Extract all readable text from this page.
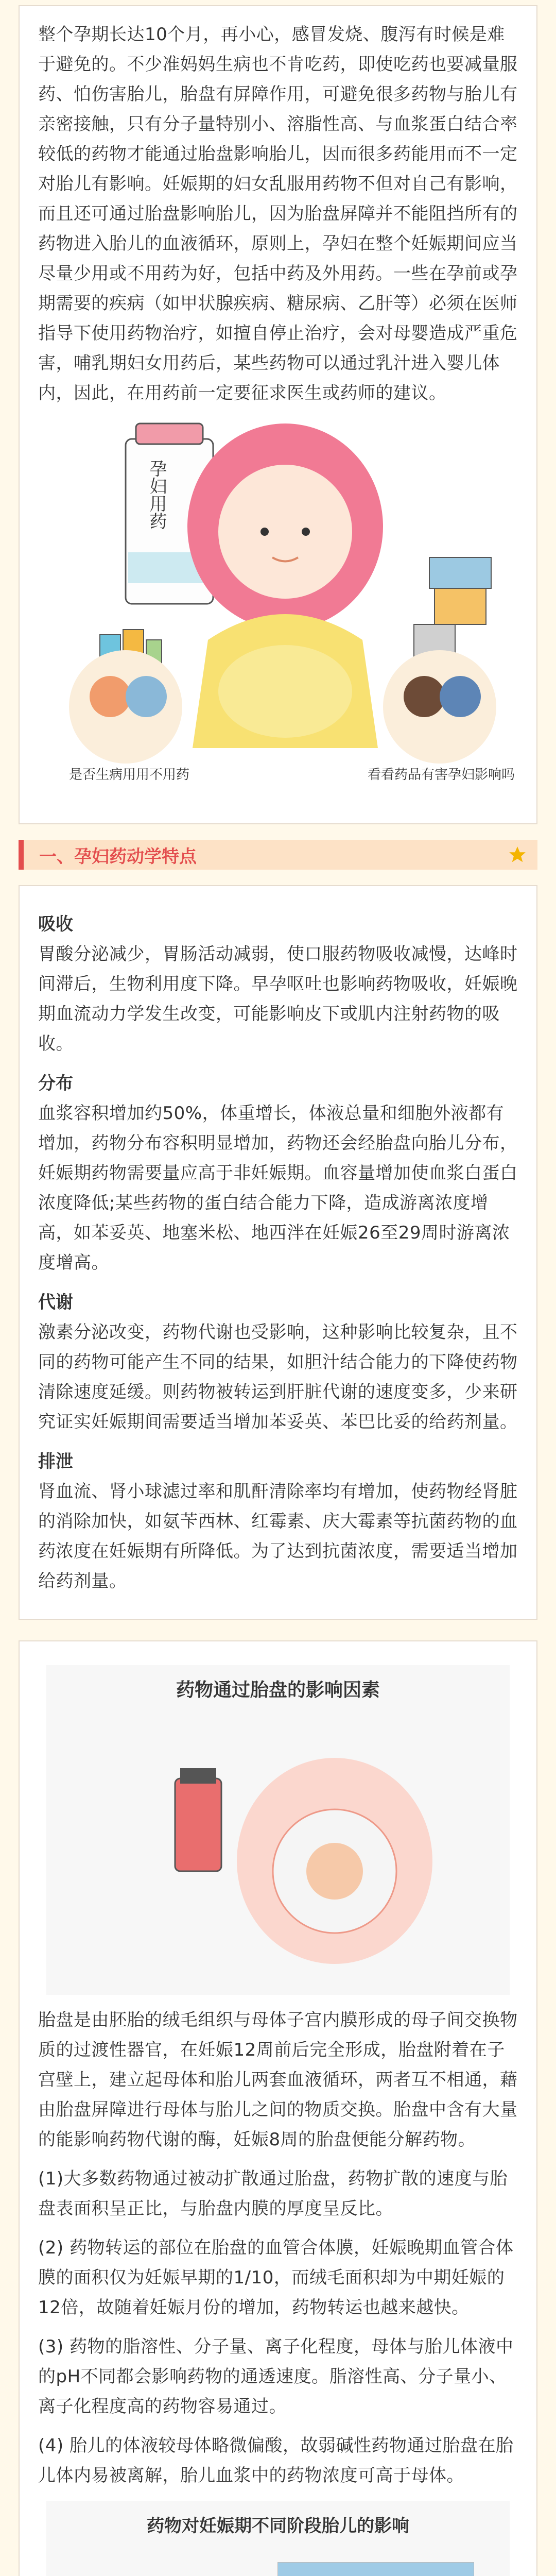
整个孕期长达10个月，再小心，感冒发烧、腹泻有时候是难于避免的。不少准妈妈生病也不肯吃药，即使吃药也要减量服药、怕伤害胎儿，胎盘有屏障作用，可避免很多药物与胎儿有亲密接触，只有分子量特别小、溶脂性高、与血浆蛋白结合率较低的药物才能通过胎盘影响胎儿，因而很多药能用而不一定对胎儿有影响。妊娠期的妇女乱服用药物不但对自己有影响，而且还可通过胎盘影响胎儿，因为胎盘屏障并不能阻挡所有的药物进入胎儿的血液循环，原则上，孕妇在整个妊娠期间应当尽量少用或不用药为好，包括中药及外用药。一些在孕前或孕期需要的疾病（如甲状腺疾病、糖尿病、乙肝等）必须在医师指导下使用药物治疗，如擅自停止治疗，会对母婴造成严重危害，哺乳期妇女用药后，某些药物可以通过乳汁进入婴儿体内，因此，在用药前一定要征求医生或药师的建议。

孕妇用药
是否生病用用不用药	看看药品有害孕妇影响吗
一、孕妇药动学特点
吸收

胃酸分泌减少，胃肠活动减弱，使口服药物吸收减慢，达峰时间滞后，生物利用度下降。早孕呕吐也影响药物吸收，妊娠晚期血流动力学发生改变，可能影响皮下或肌内注射药物的吸收。

分布

血浆容积增加约50%，体重增长，体液总量和细胞外液都有增加，药物分布容积明显增加，药物还会经胎盘向胎儿分布，妊娠期药物需要量应高于非妊娠期。血容量增加使血浆白蛋白浓度降低;某些药物的蛋白结合能力下降，造成游离浓度增高，如苯妥英、地塞米松、地西泮在妊娠26至29周时游离浓度增高。

代谢

激素分泌改变，药物代谢也受影响，这种影响比较复杂，且不同的药物可能产生不同的结果，如胆汁结合能力的下降使药物清除速度延缓。则药物被转运到肝脏代谢的速度变多，少来研究证实妊娠期间需要适当增加苯妥英、苯巴比妥的给药剂量。

排泄

肾血流、肾小球滤过率和肌酐清除率均有增加，使药物经肾脏的消除加快，如氨苄西林、红霉素、庆大霉素等抗菌药物的血药浓度在妊娠期有所降低。为了达到抗菌浓度，需要适当增加给药剂量。

药物通过胎盘的影响因素

胎盘是由胚胎的绒毛组织与母体子宫内膜形成的母子间交换物质的过渡性器官，在妊娠12周前后完全形成，胎盘附着在子宫壁上，建立起母体和胎儿两套血液循环，两者互不相通，藉由胎盘屏障进行母体与胎儿之间的物质交换。胎盘中含有大量的能影响药物代谢的酶，妊娠8周的胎盘便能分解药物。

(1)大多数药物通过被动扩散通过胎盘，药物扩散的速度与胎盘表面积呈正比，与胎盘内膜的厚度呈反比。

(2) 药物转运的部位在胎盘的血管合体膜，妊娠晚期血管合体膜的面积仅为妊娠早期的1/10，而绒毛面积却为中期妊娠的12倍，故随着妊娠月份的增加，药物转运也越来越快。

(3) 药物的脂溶性、分子量、离子化程度，母体与胎儿体液中的pH不同都会影响药物的通透速度。脂溶性高、分子量小、离子化程度高的药物容易通过。

(4) 胎儿的体液较母体略微偏酸，故弱碱性药物通过胎盘在胎儿体内易被离解，胎儿血浆中的药物浓度可高于母体。

药物对妊娠期不同阶段胎儿的影响
